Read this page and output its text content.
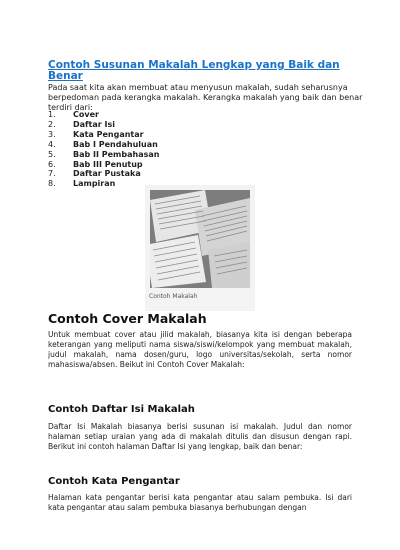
Contoh Susunan Makalah Lengkap yang Baik dan Benar
Pada saat kita akan membuat atau menyusun makalah, sudah seharusnya berpedoman pada kerangka makalah. Kerangka makalah yang baik dan benar terdiri dari:
1.	Cover
2.	Daftar Isi
3.	Kata Pengantar
4.	Bab I Pendahuluan
5.	Bab II Pembahasan
6.	Bab III Penutup
7.	Daftar Pustaka
8.	Lampiran
Contoh Makalah
Contoh Cover Makalah
Untuk membuat cover atau jilid makalah, biasanya kita isi dengan beberapa keterangan yang meliputi nama siswa/siswi/kelompok yang membuat makalah, judul makalah, nama dosen/guru, logo universitas/sekolah, serta nomor mahasiswa/absen. Beikut ini Contoh Cover Makalah:
Contoh Daftar Isi Makalah
Daftar Isi Makalah biasanya berisi susunan isi makalah. Judul dan nomor halaman setiap uraian yang ada di makalah ditulis dan disusun dengan rapi. Berikut ini contoh halaman Daftar Isi yang lengkap, baik dan benar:
Contoh Kata Pengantar
Halaman kata pengantar berisi kata pengantar atau salam pembuka. Isi dari kata pengantar atau salam pembuka biasanya berhubungan dengan
